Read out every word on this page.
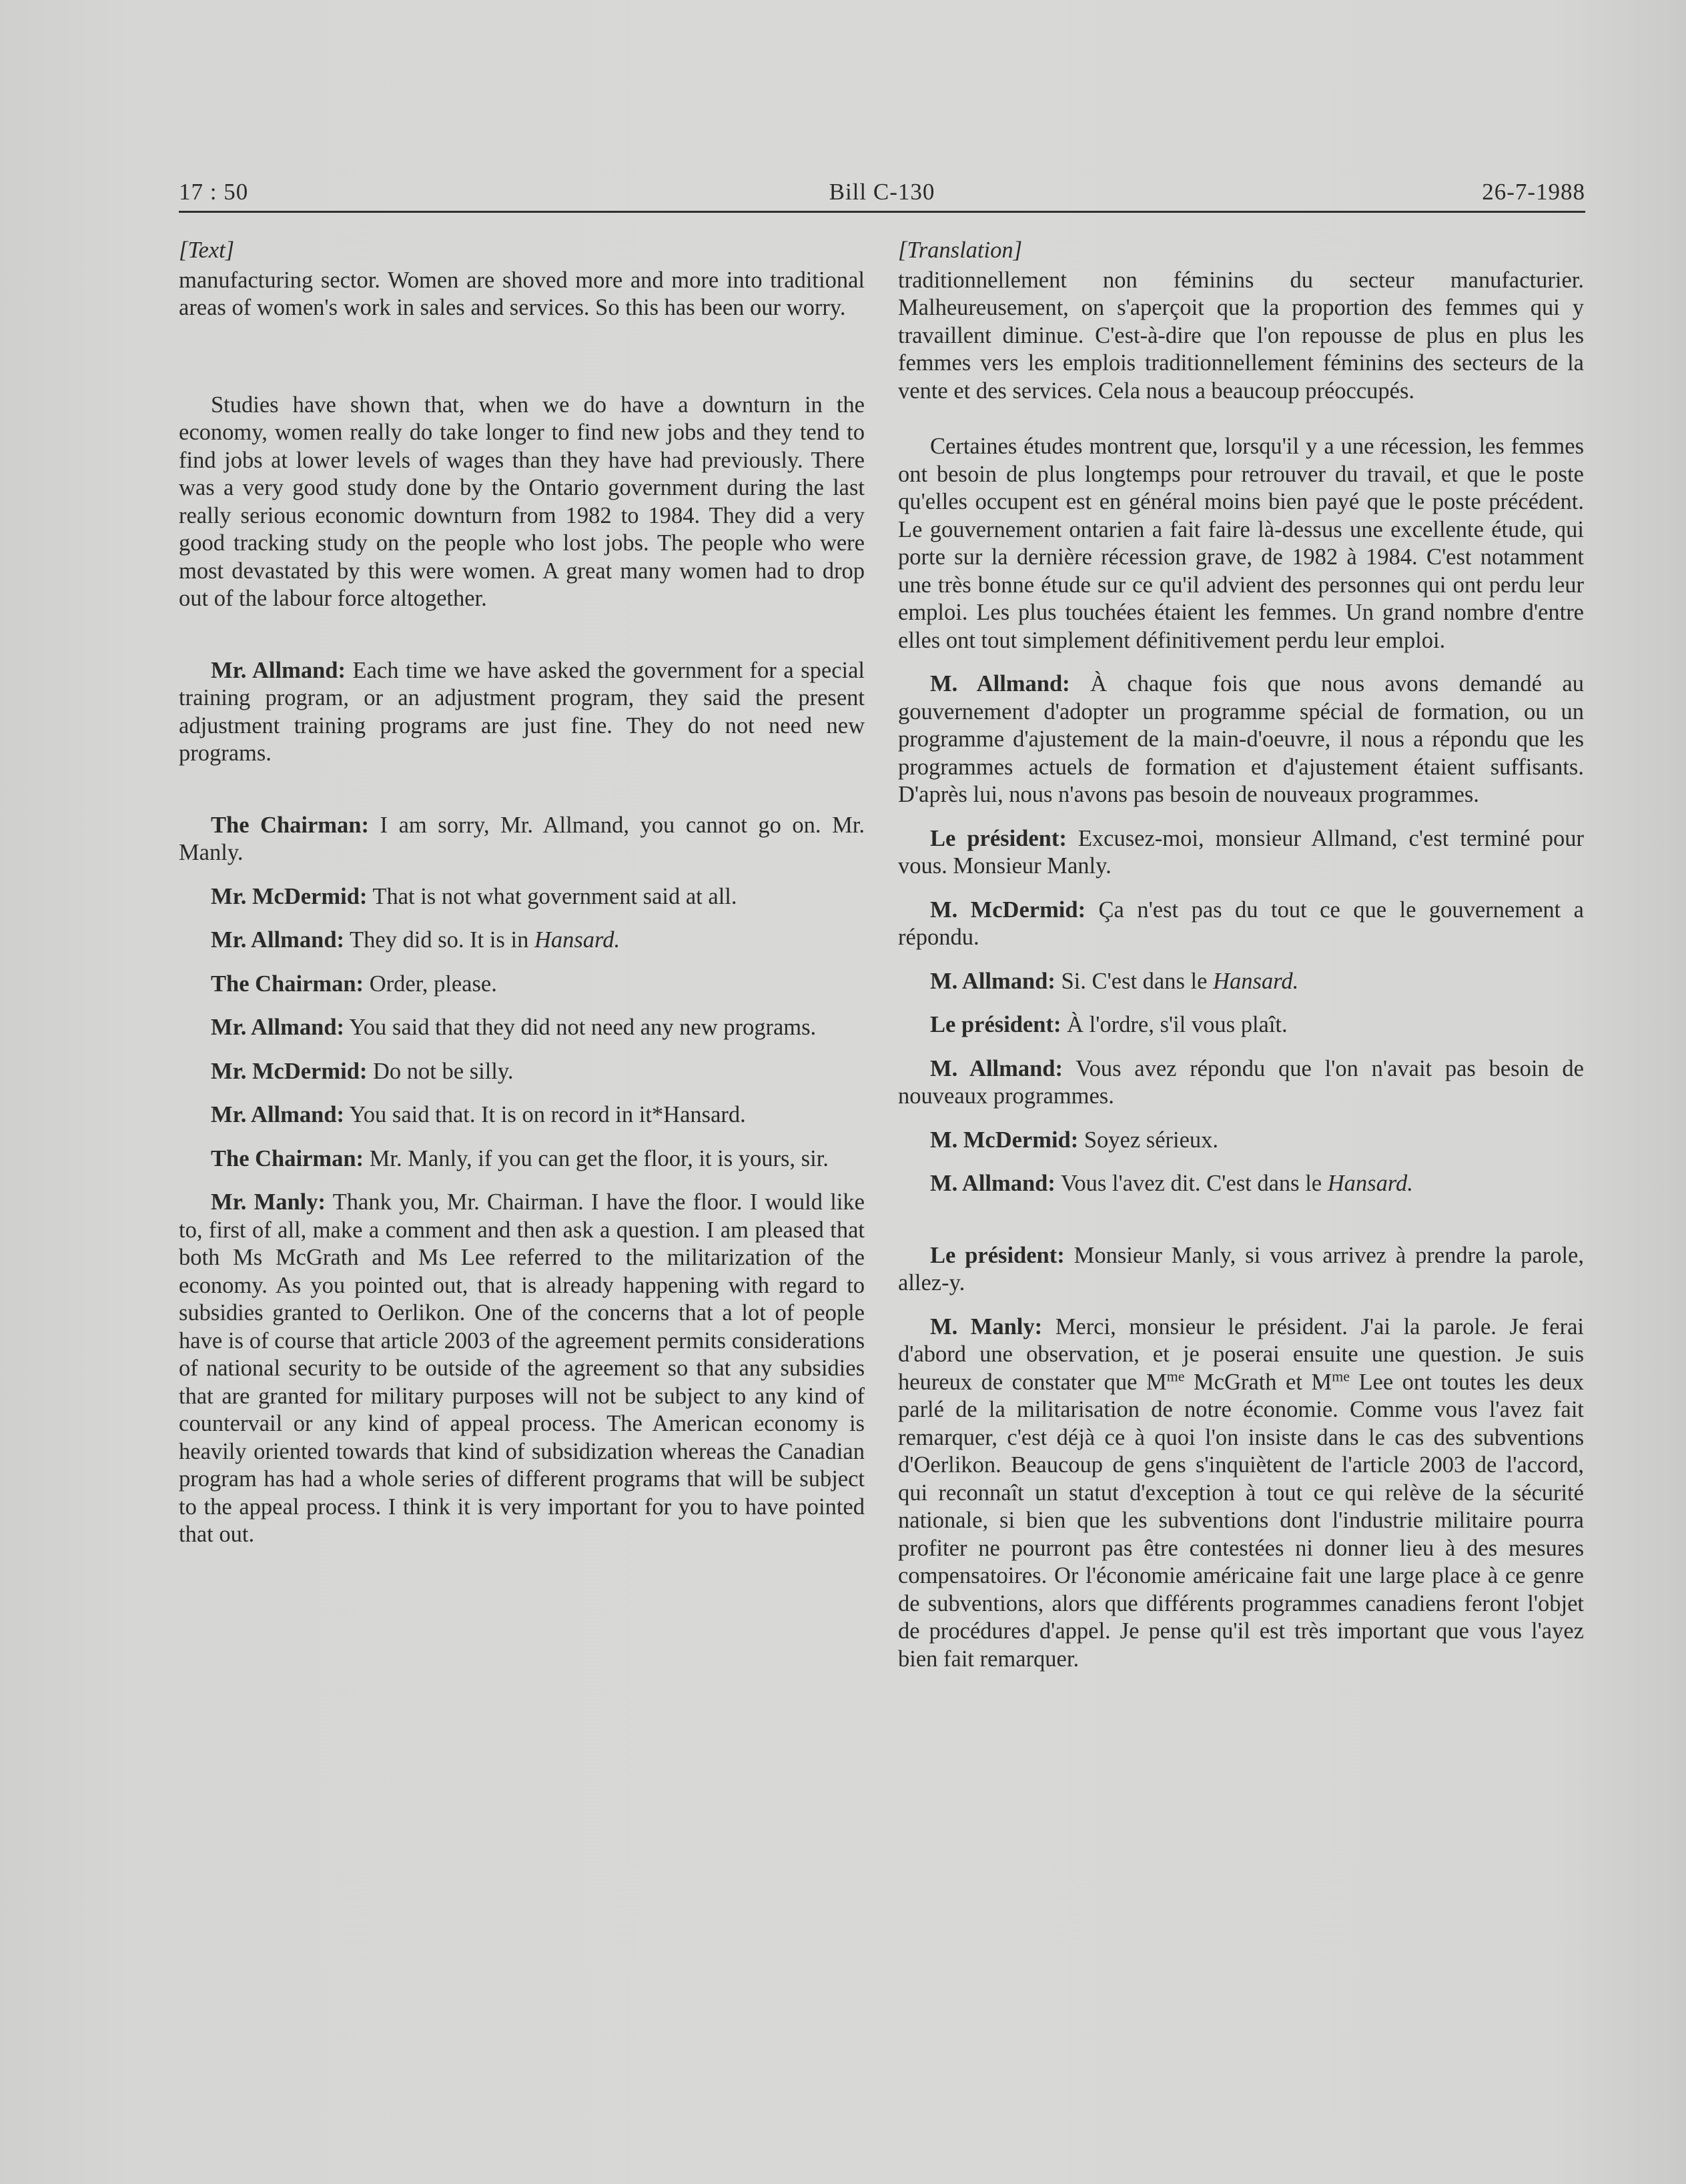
17 : 50	Bill C-130	26-7-1988
[Text]

manufacturing sector. Women are shoved more and more into traditional areas of women's work in sales and services. So this has been our worry.

Studies have shown that, when we do have a downturn in the economy, women really do take longer to find new jobs and they tend to find jobs at lower levels of wages than they have had previously. There was a very good study done by the Ontario government during the last really serious economic downturn from 1982 to 1984. They did a very good tracking study on the people who lost jobs. The people who were most devastated by this were women. A great many women had to drop out of the labour force altogether.

Mr. Allmand: Each time we have asked the government for a special training program, or an adjustment program, they said the present adjustment training programs are just fine. They do not need new programs.

The Chairman: I am sorry, Mr. Allmand, you cannot go on. Mr. Manly.

Mr. McDermid: That is not what government said at all.

Mr. Allmand: They did so. It is in Hansard.

The Chairman: Order, please.

Mr. Allmand: You said that they did not need any new programs.

Mr. McDermid: Do not be silly.

Mr. Allmand: You said that. It is on record in it*Hansard.

The Chairman: Mr. Manly, if you can get the floor, it is yours, sir.

Mr. Manly: Thank you, Mr. Chairman. I have the floor. I would like to, first of all, make a comment and then ask a question. I am pleased that both Ms McGrath and Ms Lee referred to the militarization of the economy. As you pointed out, that is already happening with regard to subsidies granted to Oerlikon. One of the concerns that a lot of people have is of course that article 2003 of the agreement permits considerations of national security to be outside of the agreement so that any subsidies that are granted for military purposes will not be subject to any kind of countervail or any kind of appeal process. The American economy is heavily oriented towards that kind of subsidization whereas the Canadian program has had a whole series of different programs that will be subject to the appeal process. I think it is very important for you to have pointed that out.

[Translation]

traditionnellement non féminins du secteur manufacturier. Malheureusement, on s'aperçoit que la proportion des femmes qui y travaillent diminue. C'est-à-dire que l'on repousse de plus en plus les femmes vers les emplois traditionnellement féminins des secteurs de la vente et des services. Cela nous a beaucoup préoccupés.

Certaines études montrent que, lorsqu'il y a une récession, les femmes ont besoin de plus longtemps pour retrouver du travail, et que le poste qu'elles occupent est en général moins bien payé que le poste précédent. Le gouvernement ontarien a fait faire là-dessus une excellente étude, qui porte sur la dernière récession grave, de 1982 à 1984. C'est notamment une très bonne étude sur ce qu'il advient des personnes qui ont perdu leur emploi. Les plus touchées étaient les femmes. Un grand nombre d'entre elles ont tout simplement définitivement perdu leur emploi.

M. Allmand: À chaque fois que nous avons demandé au gouvernement d'adopter un programme spécial de formation, ou un programme d'ajustement de la main-d'oeuvre, il nous a répondu que les programmes actuels de formation et d'ajustement étaient suffisants. D'après lui, nous n'avons pas besoin de nouveaux programmes.

Le président: Excusez-moi, monsieur Allmand, c'est terminé pour vous. Monsieur Manly.

M. McDermid: Ça n'est pas du tout ce que le gouvernement a répondu.

M. Allmand: Si. C'est dans le Hansard.

Le président: À l'ordre, s'il vous plaît.

M. Allmand: Vous avez répondu que l'on n'avait pas besoin de nouveaux programmes.

M. McDermid: Soyez sérieux.

M. Allmand: Vous l'avez dit. C'est dans le Hansard.

Le président: Monsieur Manly, si vous arrivez à prendre la parole, allez-y.

M. Manly: Merci, monsieur le président. J'ai la parole. Je ferai d'abord une observation, et je poserai ensuite une question. Je suis heureux de constater que $M^{me}$ McGrath et $M^{me}$ Lee ont toutes les deux parlé de la militarisation de notre économie. Comme vous l'avez fait remarquer, c'est déjà ce à quoi l'on insiste dans le cas des subventions d'Oerlikon. Beaucoup de gens s'inquiètent de l'article 2003 de l'accord, qui reconnaît un statut d'exception à tout ce qui relève de la sécurité nationale, si bien que les subventions dont l'industrie militaire pourra profiter ne pourront pas être contestées ni donner lieu à des mesures compensatoires. Or l'économie américaine fait une large place à ce genre de subventions, alors que différents programmes canadiens feront l'objet de procédures d'appel. Je pense qu'il est très important que vous l'ayez bien fait remarquer.
